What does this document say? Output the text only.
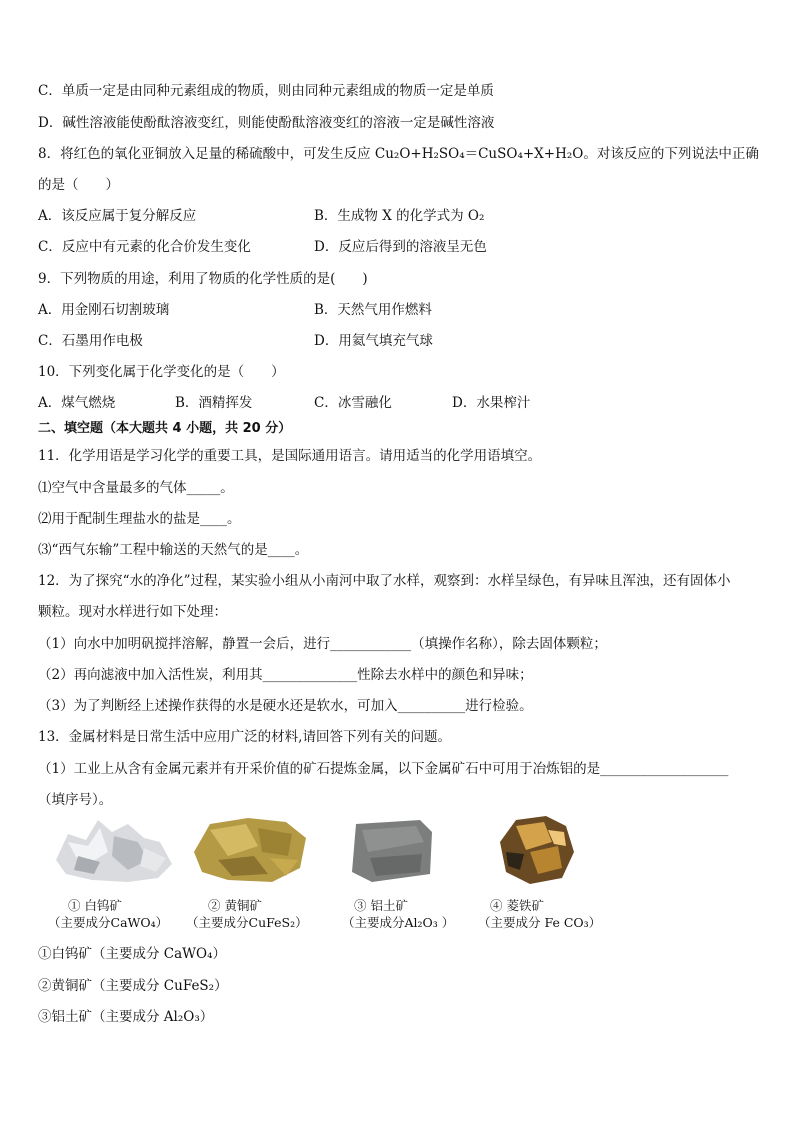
C．单质一定是由同种元素组成的物质，则由同种元素组成的物质一定是单质
D．碱性溶液能使酚酞溶液变红，则能使酚酞溶液变红的溶液一定是碱性溶液
8．将红色的氧化亚铜放入足量的稀硫酸中，可发生反应 Cu₂O+H₂SO₄＝CuSO₄+X+H₂O。对该反应的下列说法中正确
的是（　　）
A．该反应属于复分解反应	B．生成物 X 的化学式为 O₂
C．反应中有元素的化合价发生变化	D．反应后得到的溶液呈无色
9．下列物质的用途，利用了物质的化学性质的是(　　)
A．用金刚石切割玻璃	B．天然气用作燃料
C．石墨用作电极	D．用氦气填充气球
10．下列变化属于化学变化的是（　　）
A．煤气燃烧	B．酒精挥发	C．冰雪融化	D．水果榨汁
二、填空题（本大题共 4 小题，共 20 分）
11．化学用语是学习化学的重要工具，是国际通用语言。请用适当的化学用语填空。
⑴空气中含量最多的气体_____。
⑵用于配制生理盐水的盐是____。
⑶“西气东输”工程中输送的天然气的是____。
12．为了探究“水的净化”过程，某实验小组从小南河中取了水样，观察到：水样呈绿色，有异味且浑浊，还有固体小
颗粒。现对水样进行如下处理：
（1）向水中加明矾搅拌溶解，静置一会后，进行____________（填操作名称），除去固体颗粒；
（2）再向滤液中加入活性炭，利用其______________性除去水样中的颜色和异味；
（3）为了判断经上述操作获得的水是硬水还是软水，可加入__________进行检验。
13．金属材料是日常生活中应用广泛的材料,请回答下列有关的问题。
（1）工业上从含有金属元素并有开采价值的矿石提炼金属，以下金属矿石中可用于冶炼铝的是___________________
（填序号）。
① 白钨矿
（主要成分CaWO₄）
② 黄铜矿
（主要成分CuFeS₂）
③ 铝土矿
（主要成分Al₂O₃ ）
④ 菱铁矿
（主要成分 Fe CO₃）
①白钨矿（主要成分 CaWO₄）
②黄铜矿（主要成分 CuFeS₂）
③铝土矿（主要成分 Al₂O₃）
